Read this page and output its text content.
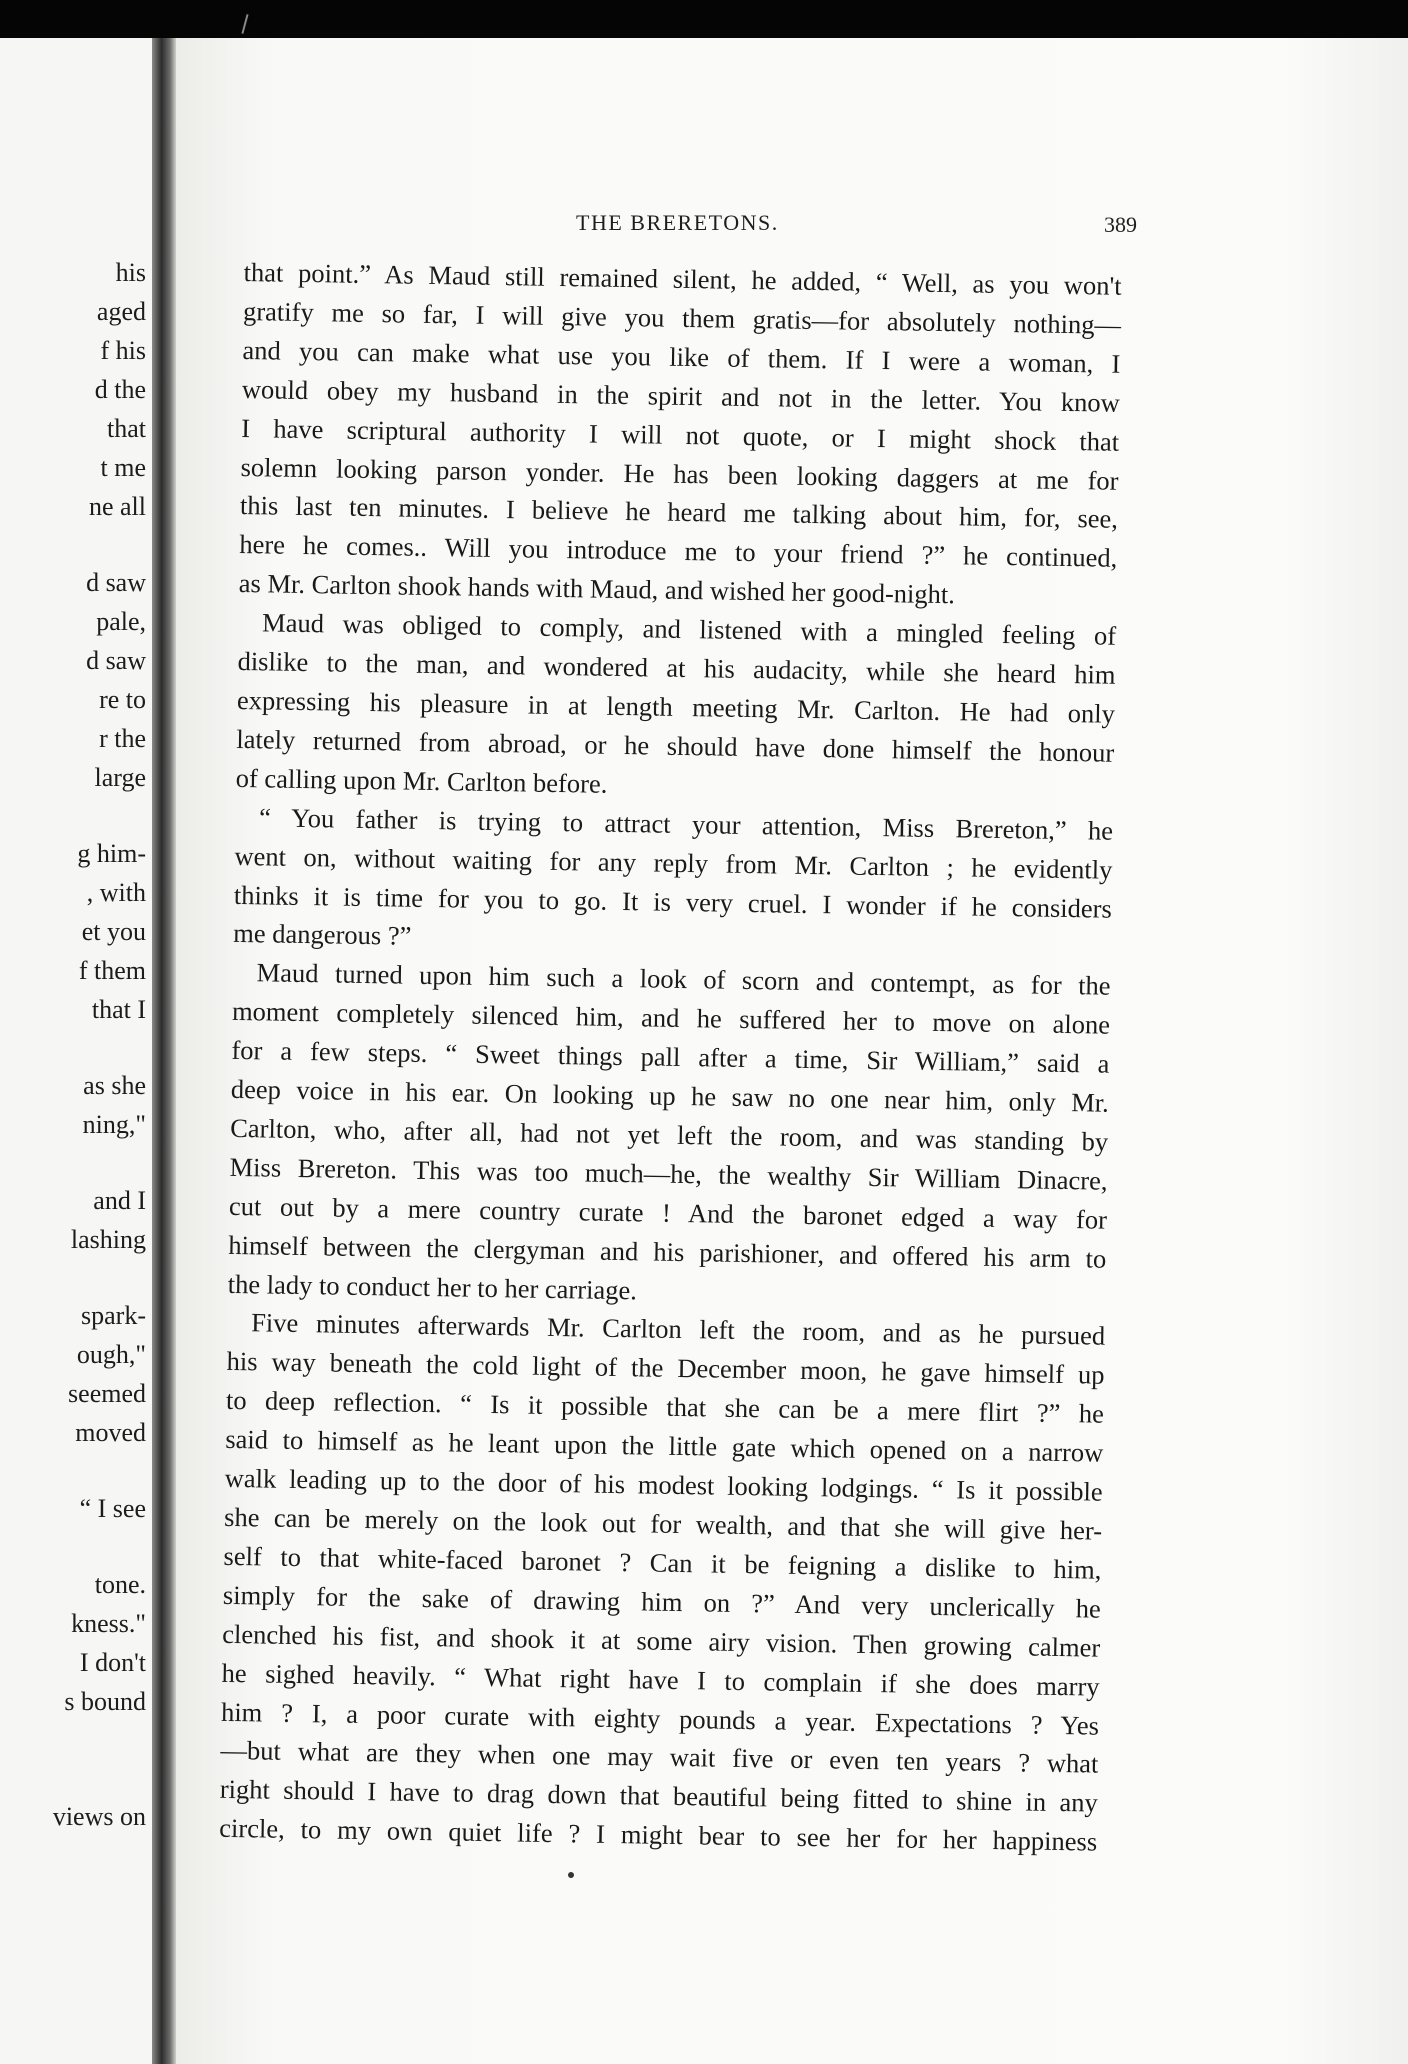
his
aged
f his
d the
that
t me
ne all
d saw
pale,
d saw
re to
r the
large
g him-
, with
et you
f them
that I
as she
ning,"
and I
lashing
spark-
ough,"
seemed
moved
“ I see
tone.
kness."
I don't
s bound
views on
THE BRERETONS.	389
that point.” As Maud still remained silent, he added, “ Well, as you won't
gratify me so far, I will give you them gratis—for absolutely nothing—
and you can make what use you like of them. If I were a woman, I
would obey my husband in the spirit and not in the letter. You know
I have scriptural authority I will not quote, or I might shock that
solemn looking parson yonder. He has been looking daggers at me for
this last ten minutes. I believe he heard me talking about him, for, see,
here he comes.. Will you introduce me to your friend ?” he continued,
as Mr. Carlton shook hands with Maud, and wished her good-night.
Maud was obliged to comply, and listened with a mingled feeling of
dislike to the man, and wondered at his audacity, while she heard him
expressing his pleasure in at length meeting Mr. Carlton. He had only
lately returned from abroad, or he should have done himself the honour
of calling upon Mr. Carlton before.
“ You father is trying to attract your attention, Miss Brereton,” he
went on, without waiting for any reply from Mr. Carlton ; he evidently
thinks it is time for you to go. It is very cruel. I wonder if he considers
me dangerous ?”
Maud turned upon him such a look of scorn and contempt, as for the
moment completely silenced him, and he suffered her to move on alone
for a few steps. “ Sweet things pall after a time, Sir William,” said a
deep voice in his ear. On looking up he saw no one near him, only Mr.
Carlton, who, after all, had not yet left the room, and was standing by
Miss Brereton. This was too much—he, the wealthy Sir William Dinacre,
cut out by a mere country curate ! And the baronet edged a way for
himself between the clergyman and his parishioner, and offered his arm to
the lady to conduct her to her carriage.
Five minutes afterwards Mr. Carlton left the room, and as he pursued
his way beneath the cold light of the December moon, he gave himself up
to deep reflection. “ Is it possible that she can be a mere flirt ?” he
said to himself as he leant upon the little gate which opened on a narrow
walk leading up to the door of his modest looking lodgings. “ Is it possible
she can be merely on the look out for wealth, and that she will give her-
self to that white-faced baronet ? Can it be feigning a dislike to him,
simply for the sake of drawing him on ?” And very unclerically he
clenched his fist, and shook it at some airy vision. Then growing calmer
he sighed heavily. “ What right have I to complain if she does marry
him ? I, a poor curate with eighty pounds a year. Expectations ? Yes
—but what are they when one may wait five or even ten years ? what
right should I have to drag down that beautiful being fitted to shine in any
circle, to my own quiet life ? I might bear to see her for her happiness
